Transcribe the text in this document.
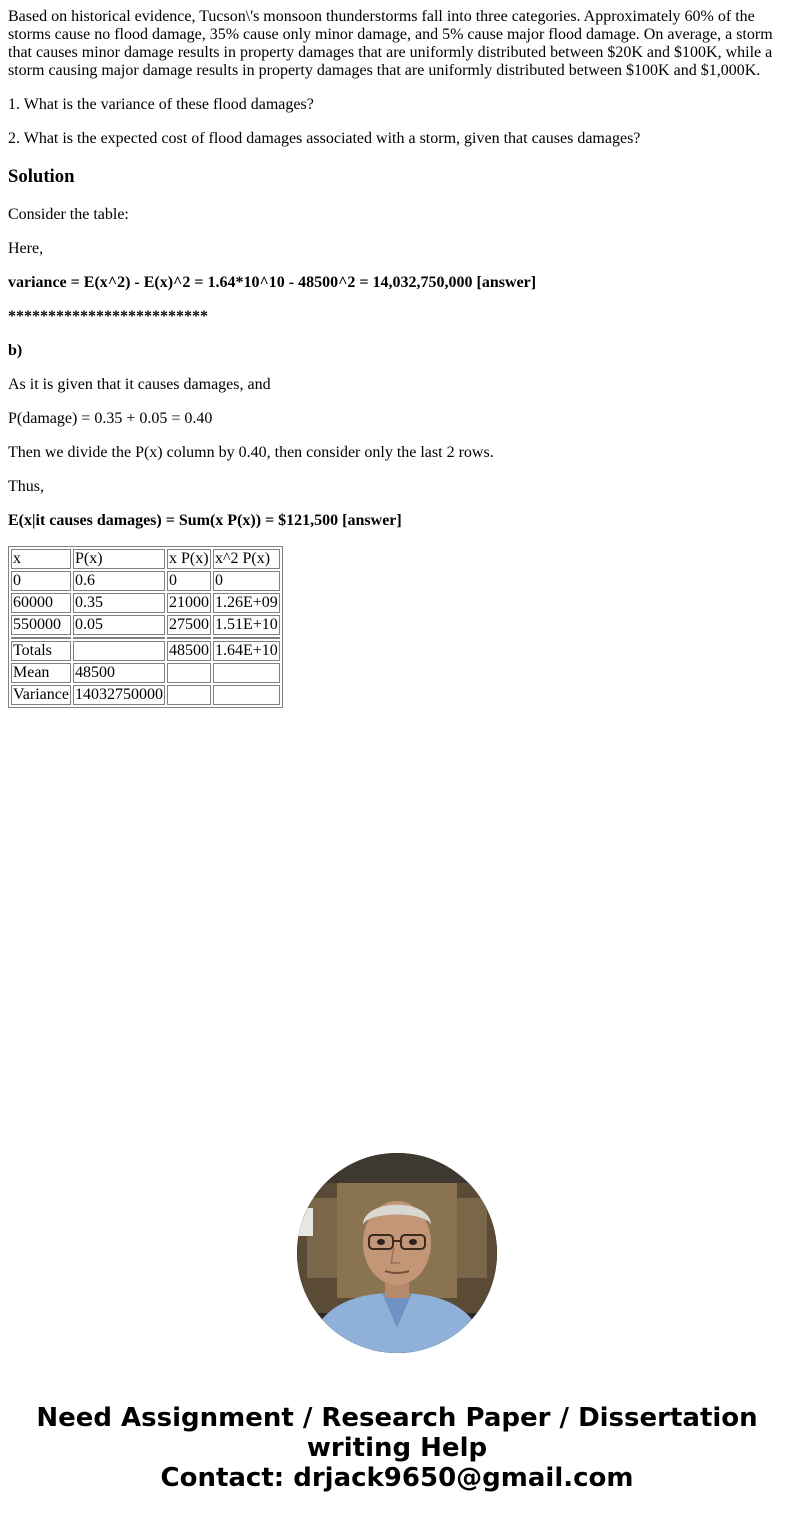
Based on historical evidence, Tucson\'s monsoon thunderstorms fall into three categories. Approximately 60% of the storms cause no flood damage, 35% cause only minor damage, and 5% cause major flood damage. On average, a storm that causes minor damage results in property damages that are uniformly distributed between $20K and $100K, while a storm causing major damage results in property damages that are uniformly distributed between $100K and $1,000K.

1. What is the variance of these flood damages?

2. What is the expected cost of flood damages associated with a storm, given that causes damages?

Solution

Consider the table:

Here,

variance = E(x^2) - E(x)^2 = 1.64*10^10 - 48500^2 = 14,032,750,000 [answer]

*************************

b)

As it is given that it causes damages, and

P(damage) = 0.35 + 0.05 = 0.40

Then we divide the P(x) column by 0.40, then consider only the last 2 rows.

Thus,

E(x|it causes damages) = Sum(x P(x)) = $121,500 [answer]

x	P(x)	x P(x)	x^2 P(x)
0	0.6	0	0
60000	0.35	21000	1.26E+09
550000	0.05	27500	1.51E+10

Totals		48500	1.64E+10
Mean	48500		
Variance	14032750000		
Need Assignment / Research Paper / Dissertation
writing Help
Contact: drjack9650@gmail.com
